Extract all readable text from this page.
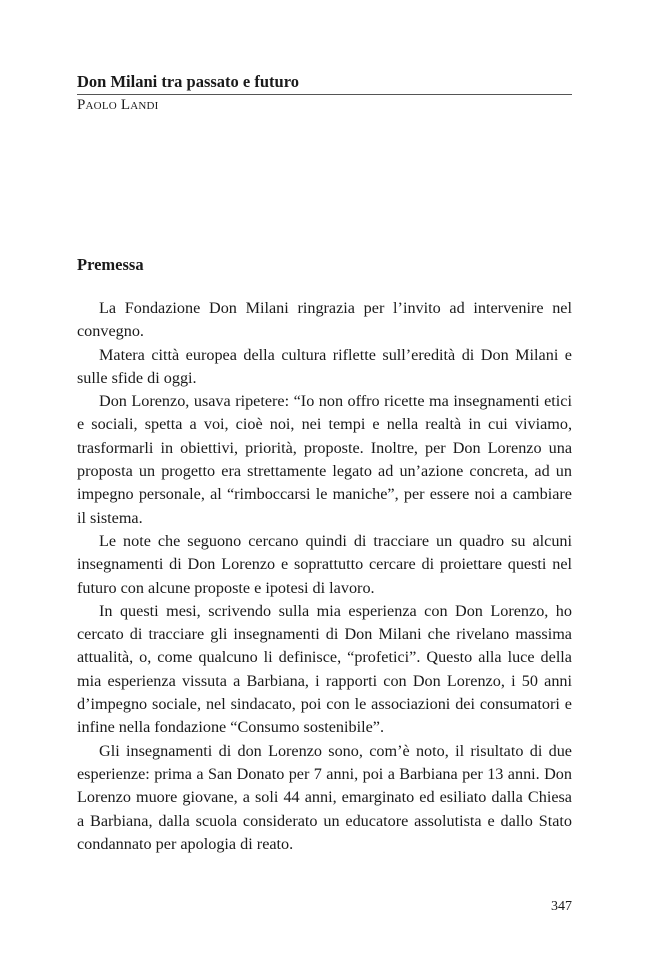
Don Milani tra passato e futuro
Paolo Landi
Premessa

La Fondazione Don Milani ringrazia per l’invito ad intervenire nel convegno.

Matera città europea della cultura riflette sull’eredità di Don Milani e sulle sfide di oggi.

Don Lorenzo, usava ripetere: “Io non offro ricette ma insegnamenti etici e sociali, spetta a voi, cioè noi, nei tempi e nella realtà in cui viviamo, trasformarli in obiettivi, priorità, proposte. Inoltre, per Don Lorenzo una proposta un progetto era strettamente legato ad un’azione concreta, ad un impegno personale, al “rimboccarsi le maniche”, per essere noi a cambiare il sistema.

Le note che seguono cercano quindi di tracciare un quadro su alcuni insegnamenti di Don Lorenzo e soprattutto cercare di proiettare questi nel futuro con alcune proposte e ipotesi di lavoro.

In questi mesi, scrivendo sulla mia esperienza con Don Lorenzo, ho cercato di tracciare gli insegnamenti di Don Milani che rivelano massima attualità, o, come qualcuno li definisce, “profetici”. Questo alla luce della mia esperienza vissuta a Barbiana, i rapporti con Don Lorenzo, i 50 anni d’impegno sociale, nel sindacato, poi con le associazioni dei consumatori e infine nella fondazione “Consumo sostenibile”.

Gli insegnamenti di don Lorenzo sono, com’è noto, il risultato di due esperienze: prima a San Donato per 7 anni, poi a Barbiana per 13 anni. Don Lorenzo muore giovane, a soli 44 anni, emarginato ed esiliato dalla Chiesa a Barbiana, dalla scuola considerato un educatore assolutista e dallo Stato condannato per apologia di reato.

347
